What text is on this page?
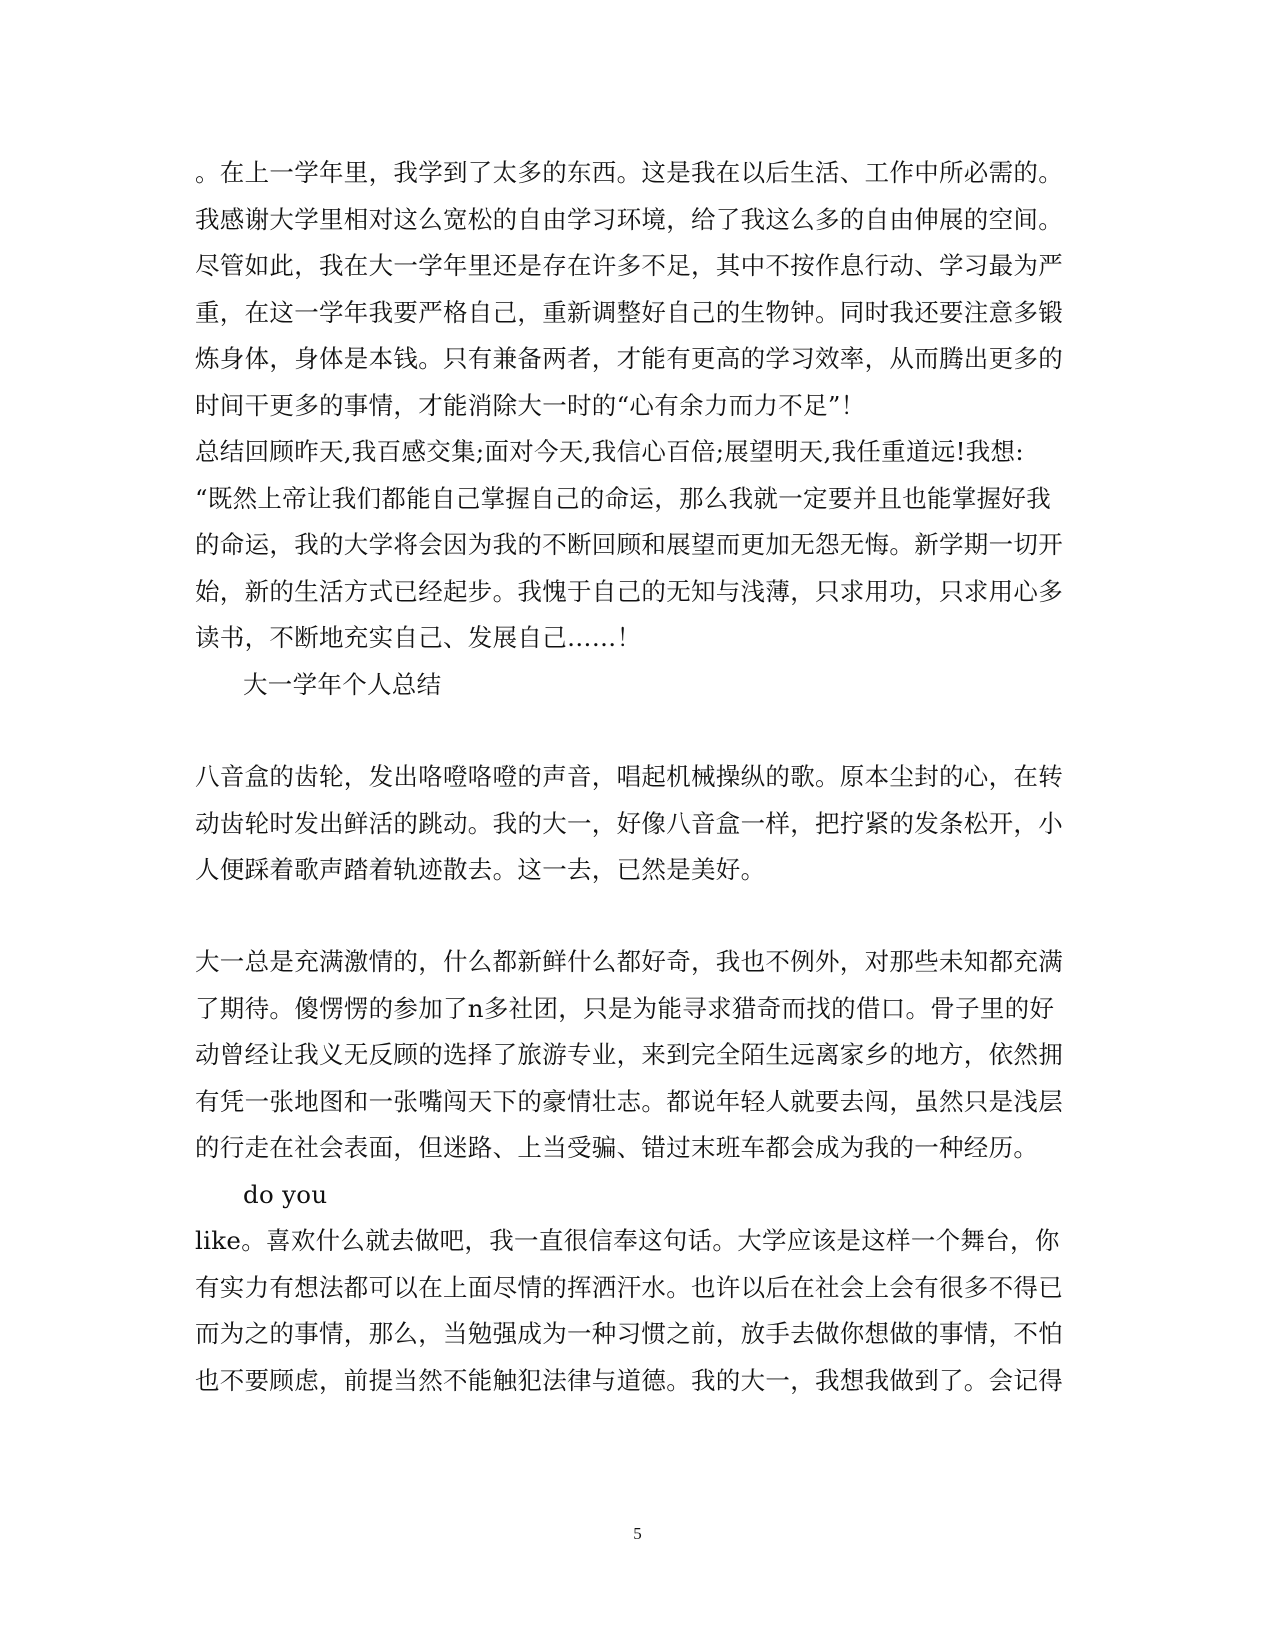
。在上一学年里，我学到了太多的东西。这是我在以后生活、工作中所必需的。
我感谢大学里相对这么宽松的自由学习环境，给了我这么多的自由伸展的空间。
尽管如此，我在大一学年里还是存在许多不足，其中不按作息行动、学习最为严
重，在这一学年我要严格自己，重新调整好自己的生物钟。同时我还要注意多锻
炼身体，身体是本钱。只有兼备两者，才能有更高的学习效率，从而腾出更多的
时间干更多的事情，才能消除大一时的“心有余力而力不足”！
总结回顾昨天,我百感交集;面对今天,我信心百倍;展望明天,我任重道远!我想:
“既然上帝让我们都能自己掌握自己的命运，那么我就一定要并且也能掌握好我
的命运，我的大学将会因为我的不断回顾和展望而更加无怨无悔。新学期一切开
始，新的生活方式已经起步。我愧于自己的无知与浅薄，只求用功，只求用心多
读书，不断地充实自己、发展自己……！
大一学年个人总结
八音盒的齿轮，发出咯噔咯噔的声音，唱起机械操纵的歌。原本尘封的心，在转
动齿轮时发出鲜活的跳动。我的大一，好像八音盒一样，把拧紧的发条松开，小
人便踩着歌声踏着轨迹散去。这一去，已然是美好。
大一总是充满激情的，什么都新鲜什么都好奇，我也不例外，对那些未知都充满
了期待。傻愣愣的参加了n多社团，只是为能寻求猎奇而找的借口。骨子里的好
动曾经让我义无反顾的选择了旅游专业，来到完全陌生远离家乡的地方，依然拥
有凭一张地图和一张嘴闯天下的豪情壮志。都说年轻人就要去闯，虽然只是浅层
的行走在社会表面，但迷路、上当受骗、错过末班车都会成为我的一种经历。
do you
like。喜欢什么就去做吧，我一直很信奉这句话。大学应该是这样一个舞台，你
有实力有想法都可以在上面尽情的挥洒汗水。也许以后在社会上会有很多不得已
而为之的事情，那么，当勉强成为一种习惯之前，放手去做你想做的事情，不怕
也不要顾虑，前提当然不能触犯法律与道德。我的大一，我想我做到了。会记得
5
